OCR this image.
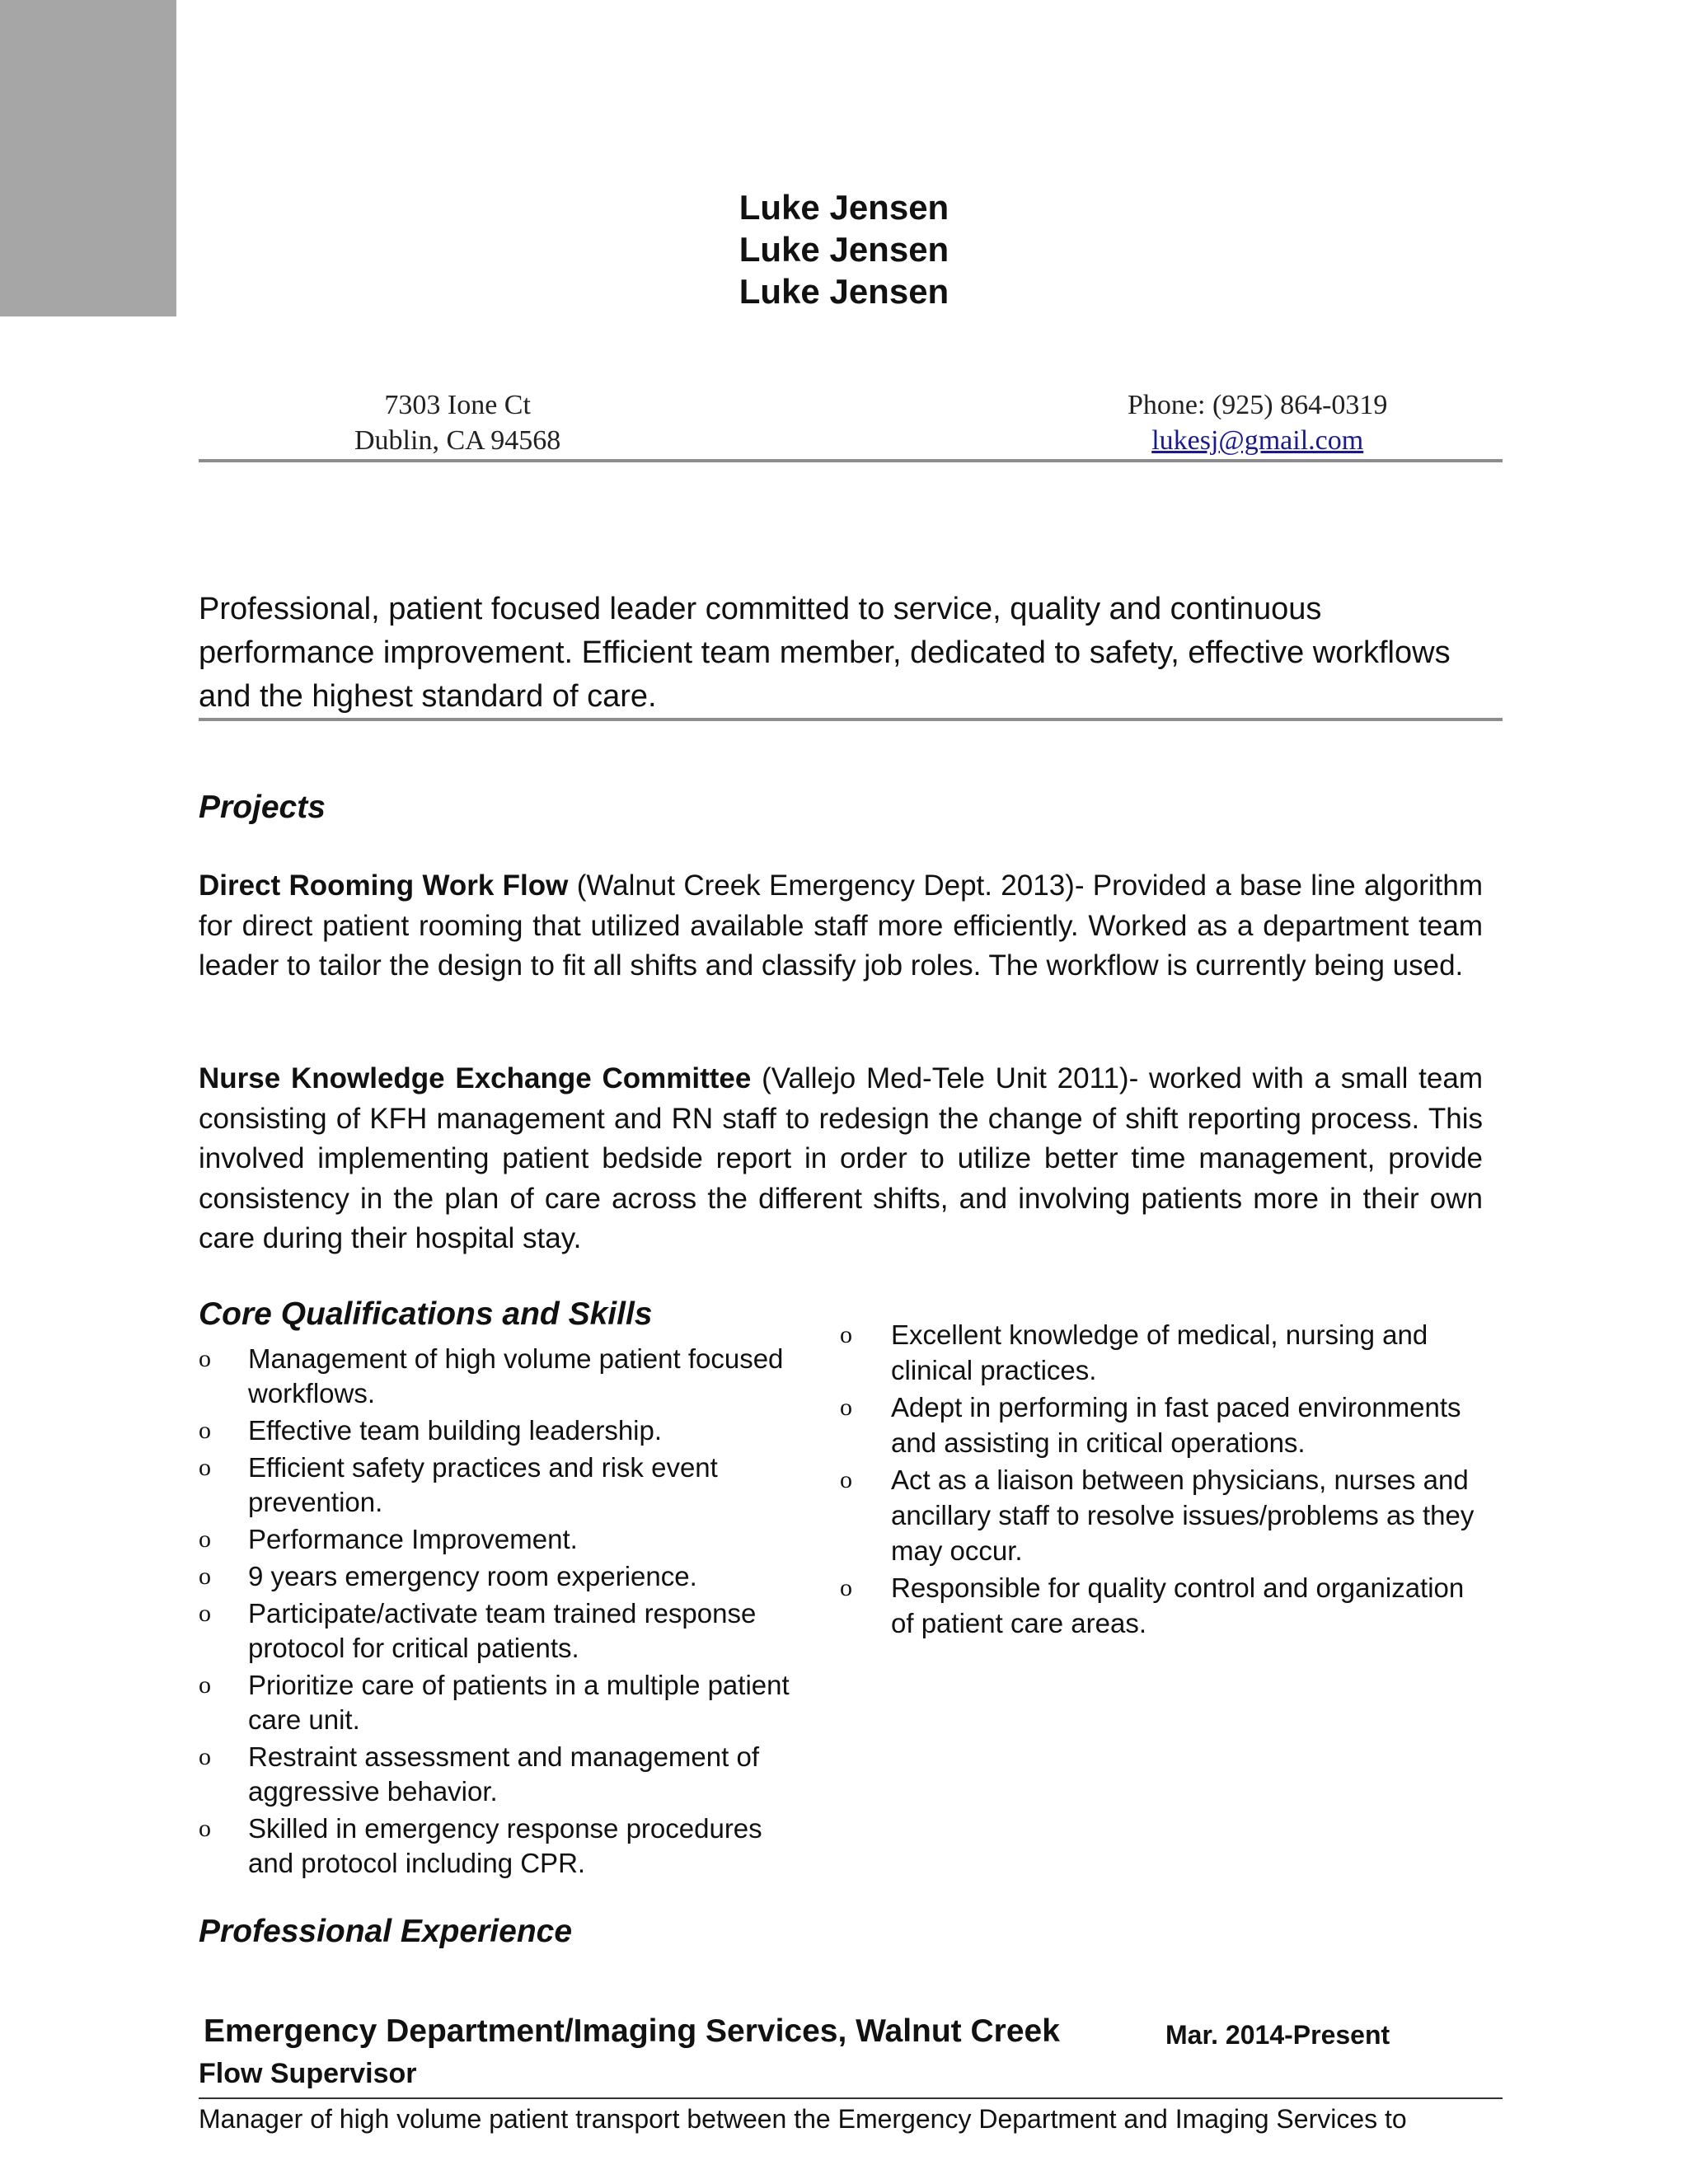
Luke Jensen
Luke Jensen
Luke Jensen
7303 Ione Ct
Dublin, CA 94568
Phone: (925) 864-0319
lukesj@gmail.com
Professional, patient focused leader committed to service, quality and continuous performance improvement. Efficient team member, dedicated to safety, effective workflows and the highest standard of care.
Projects
Direct Rooming Work Flow (Walnut Creek Emergency Dept. 2013)- Provided a base line algorithm for direct patient rooming that utilized available staff more efficiently. Worked as a department team leader to tailor the design to fit all shifts and classify job roles. The workflow is currently being used.
Nurse Knowledge Exchange Committee (Vallejo Med-Tele Unit 2011)- worked with a small team consisting of KFH management and RN staff to redesign the change of shift reporting process. This involved implementing patient bedside report in order to utilize better time management, provide consistency in the plan of care across the different shifts, and involving patients more in their own care during their hospital stay.
Core Qualifications and Skills
o Management of high volume patient focused workflows.
o Effective team building leadership.
o Efficient safety practices and risk event prevention.
o Performance Improvement.
o 9 years emergency room experience.
o Participate/activate team trained response protocol for critical patients.
o Prioritize care of patients in a multiple patient care unit.
o Restraint assessment and management of aggressive behavior.
o Skilled in emergency response procedures and protocol including CPR.
o Excellent knowledge of medical, nursing and clinical practices.
o Adept in performing in fast paced environments and assisting in critical operations.
o Act as a liaison between physicians, nurses and ancillary staff to resolve issues/problems as they may occur.
o Responsible for quality control and organization of patient care areas.
Professional Experience
Emergency Department/Imaging Services, Walnut Creek	Mar. 2014-Present
Flow Supervisor
Manager of high volume patient transport between the Emergency Department and Imaging Services to
